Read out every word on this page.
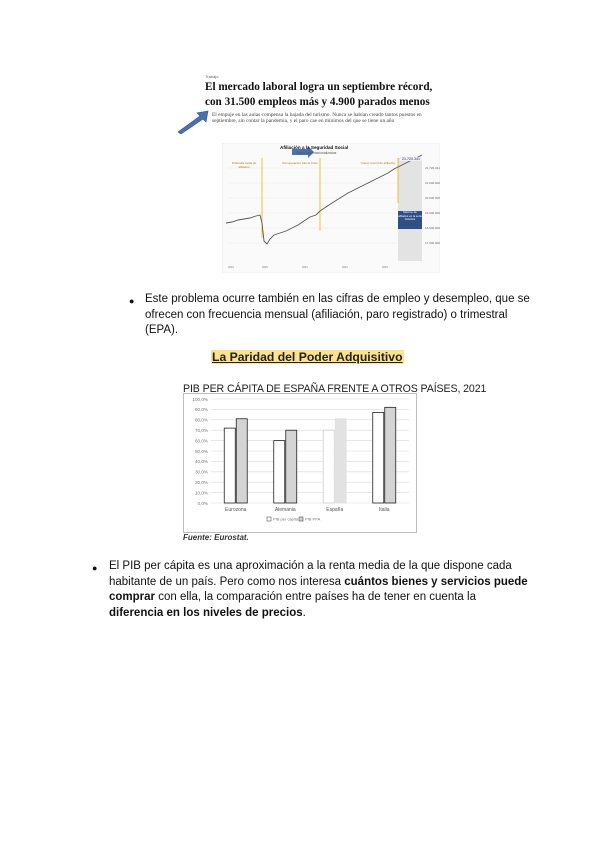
Trabajo
El mercado laboral logra un septiembre récord,
con 31.500 empleos más y 4.900 parados menos
El empuje en las aulas compensa la bajada del turismo. Nunca se habían creado tantos puestos en septiembre, sin contar la pandemia, y el paro cae en mínimos del que se tiene un año
21.720.341
21.000.000
20.000.000
19.000.000
18.000.000
17.000.000
2019	2020	2021	2022	2023
Afiliación a la Seguridad Social
Datos desestacionalizados
21.720.341
Profunda caída de afiliados
Recuperación tras la crisis	Nuevo récord de afiliación
Máximo de afiliados en la serie histórica
● Este problema ocurre también en las cifras de empleo y desempleo, que se ofrecen con frecuencia mensual (afiliación, paro registrado) o trimestral (EPA).
La Paridad del Poder Adquisitivo
PIB PER CÁPITA DE ESPAÑA FRENTE A OTROS PAÍSES, 2021
0,0%
10,0%
20,0%
30,0%
40,0%
50,0%
60,0%
70,0%
80,0%
90,0%
100,0%
Eurozona	Alemania	España	Italia
PIB per cápita PIB PPA
Fuente: Eurostat.
● El PIB per cápita es una aproximación a la renta media de la que dispone cada habitante de un país. Pero como nos interesa cuántos bienes y servicios puede comprar con ella, la comparación entre países ha de tener en cuenta la diferencia en los niveles de precios.
